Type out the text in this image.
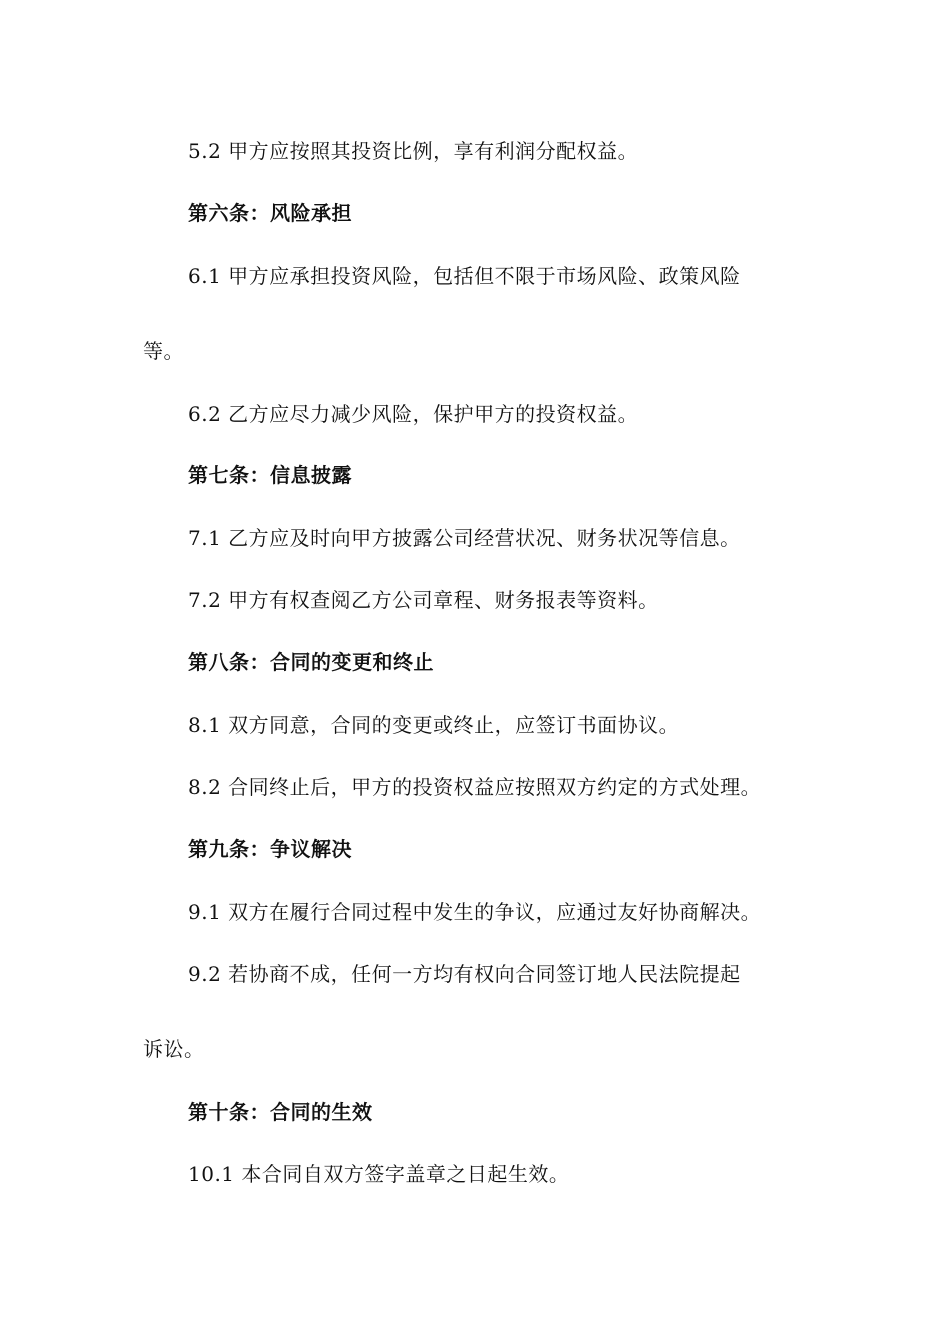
5.2 甲方应按照其投资比例，享有利润分配权益。
第六条：风险承担
6.1 甲方应承担投资风险，包括但不限于市场风险、政策风险
等。
6.2 乙方应尽力减少风险，保护甲方的投资权益。
第七条：信息披露
7.1 乙方应及时向甲方披露公司经营状况、财务状况等信息。
7.2 甲方有权查阅乙方公司章程、财务报表等资料。
第八条：合同的变更和终止
8.1 双方同意，合同的变更或终止，应签订书面协议。
8.2 合同终止后，甲方的投资权益应按照双方约定的方式处理。
第九条：争议解决
9.1 双方在履行合同过程中发生的争议，应通过友好协商解决。
9.2 若协商不成，任何一方均有权向合同签订地人民法院提起
诉讼。
第十条：合同的生效
10.1 本合同自双方签字盖章之日起生效。
